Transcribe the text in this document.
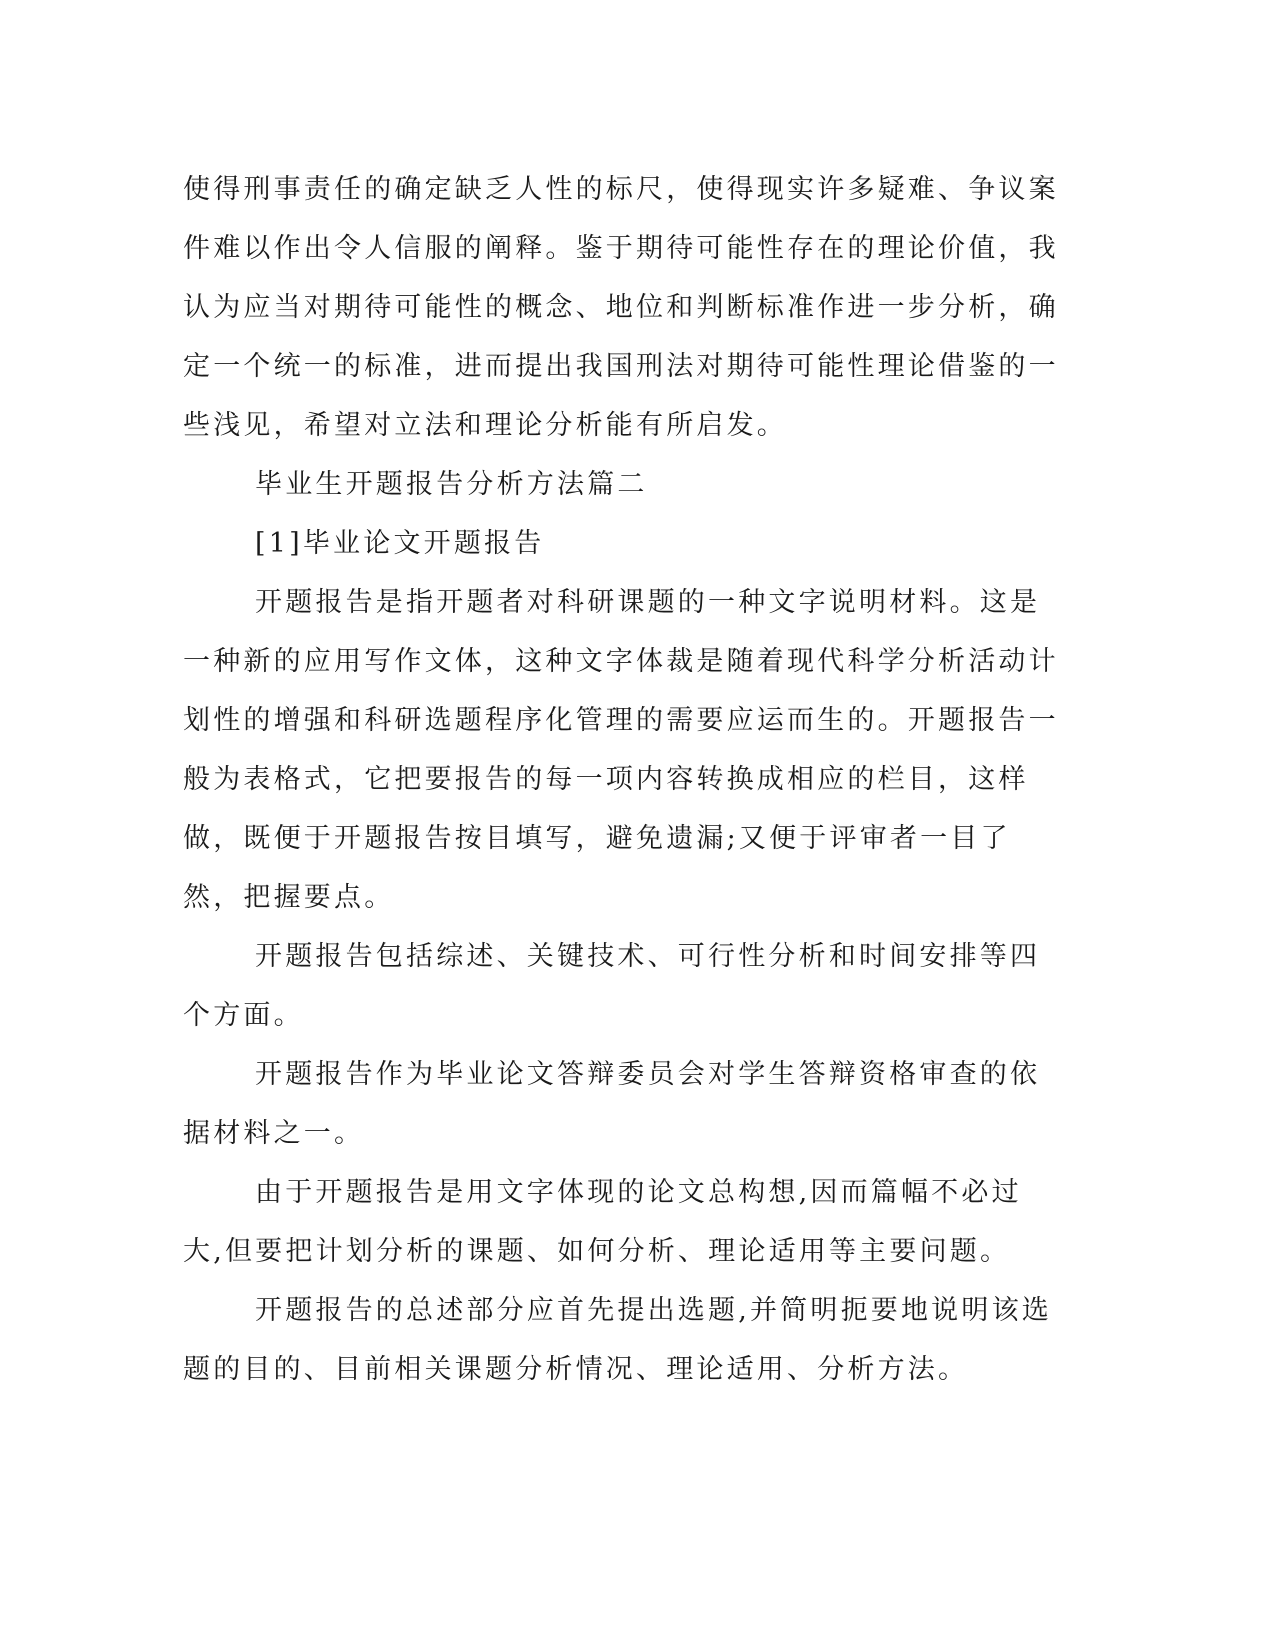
使得刑事责任的确定缺乏人性的标尺，使得现实许多疑难、争议案件难以作出令人信服的阐释。鉴于期待可能性存在的理论价值，我认为应当对期待可能性的概念、地位和判断标准作进一步分析，确定一个统一的标准，进而提出我国刑法对期待可能性理论借鉴的一些浅见，希望对立法和理论分析能有所启发。

毕业生开题报告分析方法篇二

[1]毕业论文开题报告

开题报告是指开题者对科研课题的一种文字说明材料。这是一种新的应用写作文体，这种文字体裁是随着现代科学分析活动计划性的增强和科研选题程序化管理的需要应运而生的。开题报告一般为表格式，它把要报告的每一项内容转换成相应的栏目，这样做，既便于开题报告按目填写，避免遗漏;又便于评审者一目了然，把握要点。

开题报告包括综述、关键技术、可行性分析和时间安排等四个方面。

开题报告作为毕业论文答辩委员会对学生答辩资格审查的依据材料之一。

由于开题报告是用文字体现的论文总构想,因而篇幅不必过大,但要把计划分析的课题、如何分析、理论适用等主要问题。

开题报告的总述部分应首先提出选题,并简明扼要地说明该选题的目的、目前相关课题分析情况、理论适用、分析方法。
